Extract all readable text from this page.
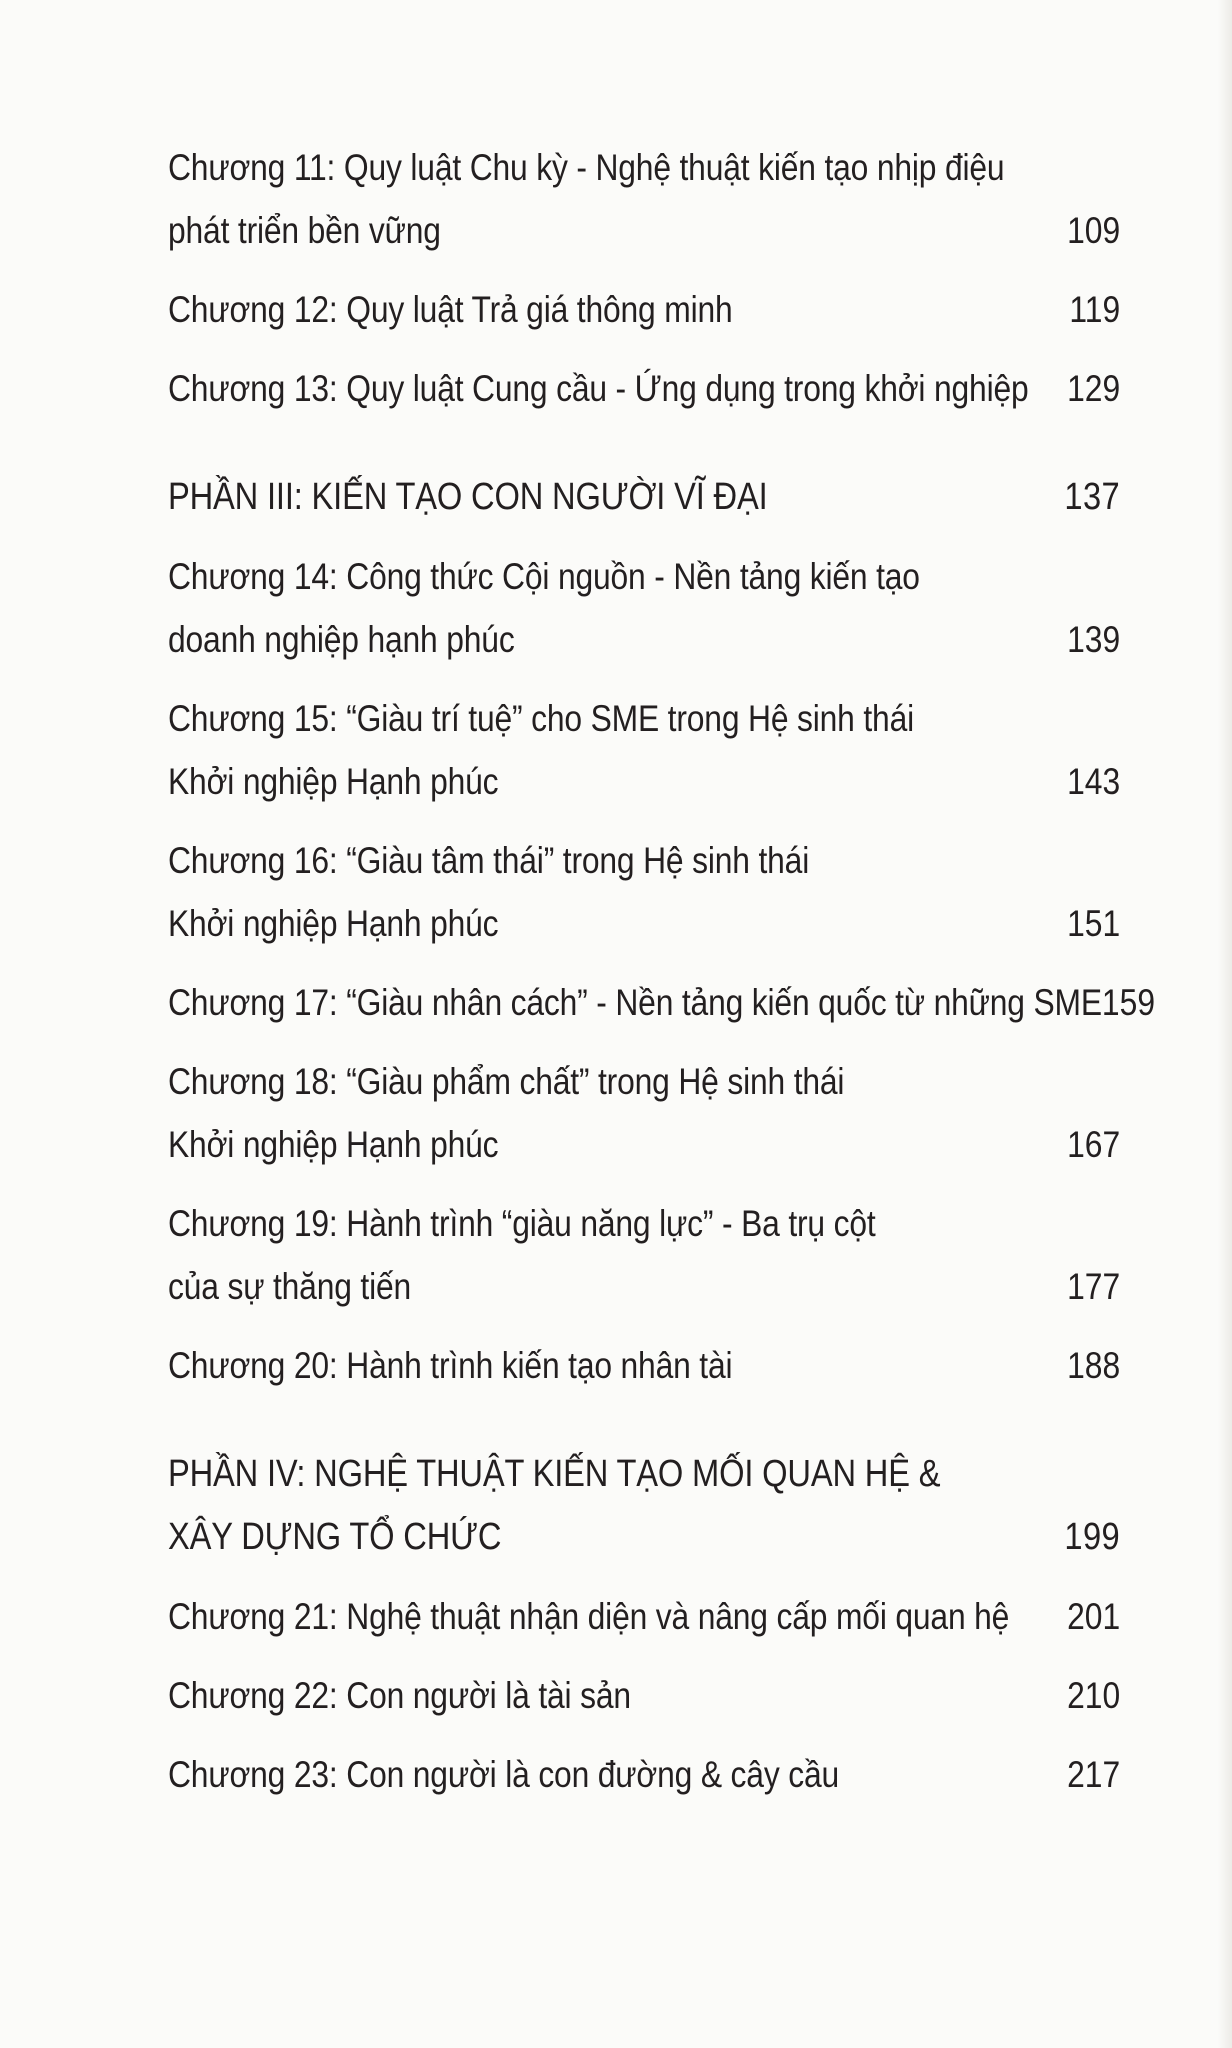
Chương 11: Quy luật Chu kỳ - Nghệ thuật kiến tạo nhịp điệu
phát triển bền vững	109
Chương 12: Quy luật Trả giá thông minh	119
Chương 13: Quy luật Cung cầu - Ứng dụng trong khởi nghiệp 129
PHẦN III: KIẾN TẠO CON NGƯỜI VĨ ĐẠI	137
Chương 14: Công thức Cội nguồn - Nền tảng kiến tạo
doanh nghiệp hạnh phúc	139
Chương 15: “Giàu trí tuệ” cho SME trong Hệ sinh thái
Khởi nghiệp Hạnh phúc	143
Chương 16: “Giàu tâm thái” trong Hệ sinh thái
Khởi nghiệp Hạnh phúc	151
Chương 17: “Giàu nhân cách” - Nền tảng kiến quốc từ những SME 159
Chương 18: “Giàu phẩm chất” trong Hệ sinh thái
Khởi nghiệp Hạnh phúc	167
Chương 19: Hành trình “giàu năng lực” - Ba trụ cột
của sự thăng tiến	177
Chương 20: Hành trình kiến tạo nhân tài	188
PHẦN IV: NGHỆ THUẬT KIẾN TẠO MỐI QUAN HỆ &
XÂY DỰNG TỔ CHỨC	199
Chương 21: Nghệ thuật nhận diện và nâng cấp mối quan hệ 201
Chương 22: Con người là tài sản	210
Chương 23: Con người là con đường & cây cầu	217
